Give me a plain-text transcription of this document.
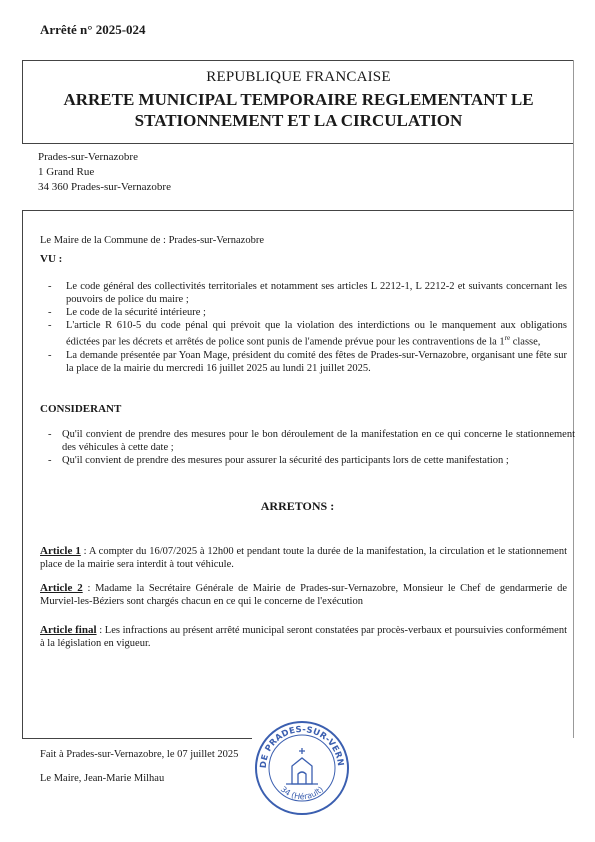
Arrêté n° 2025-024
REPUBLIQUE FRANCAISE
ARRETE MUNICIPAL TEMPORAIRE REGLEMENTANT LE
STATIONNEMENT ET LA CIRCULATION
Prades-sur-Vernazobre
1 Grand Rue
34 360 Prades-sur-Vernazobre
Le Maire de la Commune de : Prades-sur-Vernazobre
VU :
- Le code général des collectivités territoriales et notamment ses articles L 2212-1, L 2212-2 et suivants concernant les pouvoirs de police du maire ;
- Le code de la sécurité intérieure ;
- L'article R 610-5 du code pénal qui prévoit que la violation des interdictions ou le manquement aux obligations édictées par les décrets et arrêtés de police sont punis de l'amende prévue pour les contraventions de la 1re classe,
- La demande présentée par Yoan Mage, président du comité des fêtes de Prades-sur-Vernazobre, organisant une fête sur la place de la mairie du mercredi 16 juillet 2025 au lundi 21 juillet 2025.
CONSIDERANT
- Qu'il convient de prendre des mesures pour le bon déroulement de la manifestation en ce qui concerne le stationnement des véhicules à cette date ;
- Qu'il convient de prendre des mesures pour assurer la sécurité des participants lors de cette manifestation ;
ARRETONS :
Article 1 : A compter du 16/07/2025 à 12h00 et pendant toute la durée de la manifestation, la circulation et le stationnement place de la mairie sera interdit à tout véhicule.
Article 2 : Madame la Secrétaire Générale de Mairie de Prades-sur-Vernazobre, Monsieur le Chef de gendarmerie de Murviel-les-Béziers sont chargés chacun en ce qui le concerne de l'exécution
Article final : Les infractions au présent arrêté municipal seront constatées par procès-verbaux et poursuivies conformément à la législation en vigueur.
Fait à Prades-sur-Vernazobre, le 07 juillet 2025
Le Maire, Jean-Marie Milhau
DE PRADES-SUR-VERN
34 (Hérault)
